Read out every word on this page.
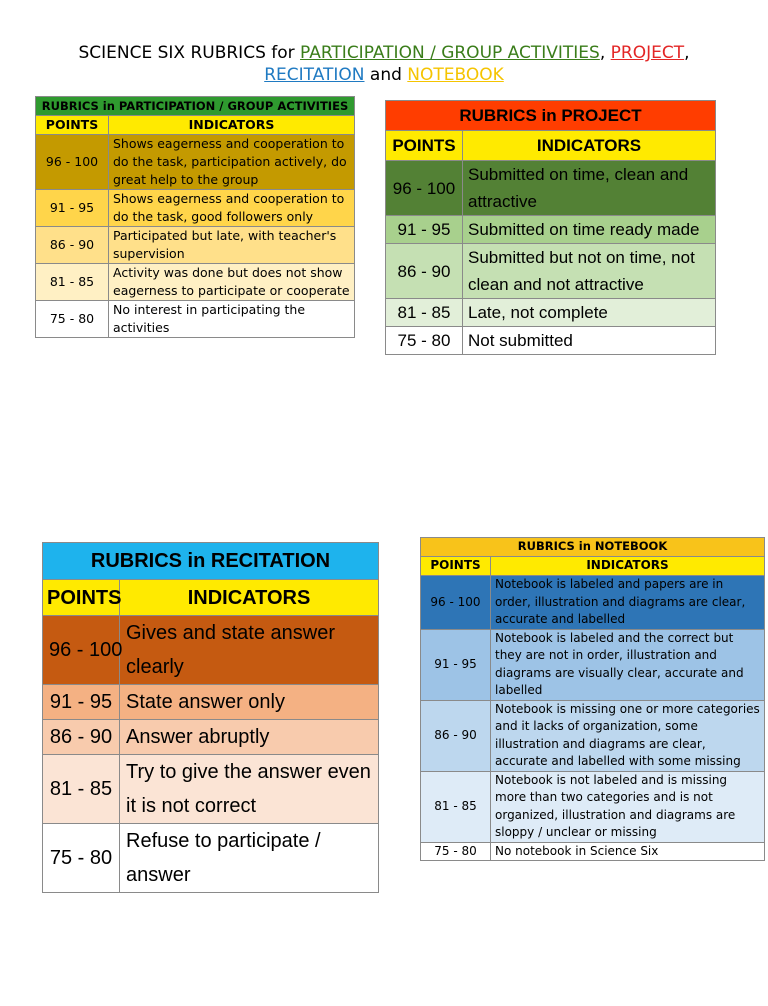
SCIENCE SIX RUBRICS for PARTICIPATION / GROUP ACTIVITIES, PROJECT,
RECITATION and NOTEBOOK
RUBRICS in PARTICIPATION / GROUP ACTIVITIES	
POINTS	INDICATORS
96 - 100	Shows eagerness and cooperation to do the task, participation actively, do great help to the group
91 - 95	Shows eagerness and cooperation to do the task, good followers only
86 - 90	Participated but late, with teacher's supervision
81 - 85	Activity was done but does not show eagerness to participate or cooperate
75 - 80	No interest in participating the activities
RUBRICS in PROJECT	
POINTS	INDICATORS
96 - 100	Submitted on time, clean and attractive
91 - 95	Submitted on time ready made
86 - 90	Submitted but not on time, not clean and not attractive
81 - 85	Late, not complete
75 - 80	Not submitted
RUBRICS in RECITATION	
POINTS	INDICATORS
96 - 100	Gives and state answer clearly
91 - 95	State answer only
86 - 90	Answer abruptly
81 - 85	Try to give the answer even it is not correct
75 - 80	Refuse to participate / answer
RUBRICS in NOTEBOOK	
POINTS	INDICATORS
96 - 100	Notebook is labeled and papers are in order, illustration and diagrams are clear, accurate and labelled
91 - 95	Notebook is labeled and the correct but they are not in order, illustration and diagrams are visually clear, accurate and labelled
86 - 90	Notebook is missing one or more categories and it lacks of organization, some illustration and diagrams are clear, accurate and labelled with some missing
81 - 85	Notebook is not labeled and is missing more than two categories and is not organized, illustration and diagrams are sloppy / unclear or missing
75 - 80	No notebook in Science Six
